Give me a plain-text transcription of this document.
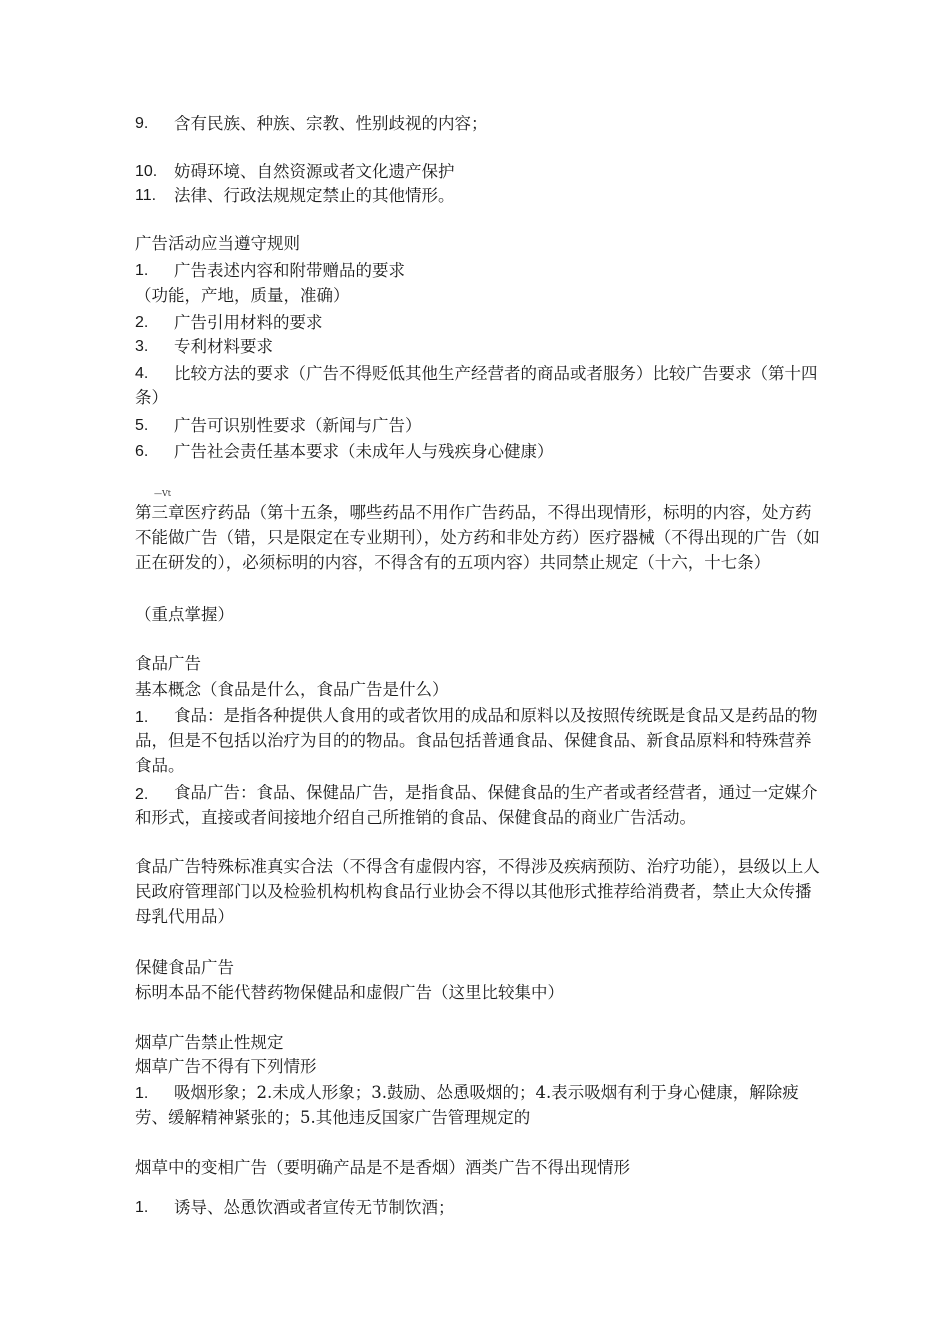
9. 含有民族、种族、宗教、性别歧视的内容；
10. 妨碍环境、自然资源或者文化遗产保护
11. 法律、行政法规规定禁止的其他情形。
广告活动应当遵守规则
1. 广告表述内容和附带赠品的要求
（功能，产地，质量，准确）
2. 广告引用材料的要求
3. 专利材料要求
4.	比较方法的要求（广告不得贬低其他生产经营者的商品或者服务）比较广告要求（第十四条）
5. 广告可识别性要求（新闻与广告）
6. 广告社会责任基本要求（未成年人与残疾身心健康）
—Vt
第三章医疗药品（第十五条，哪些药品不用作广告药品，不得出现情形，标明的内容，处方药不能做广告（错，只是限定在专业期刊），处方药和非处方药）医疗器械（不得出现的广告（如正在研发的），必须标明的内容，不得含有的五项内容）共同禁止规定（十六，十七条）
（重点掌握）
食品广告
基本概念（食品是什么，食品广告是什么）
1.	食品：是指各种提供人食用的或者饮用的成品和原料以及按照传统既是食品又是药品的物品，但是不包括以治疗为目的的物品。食品包括普通食品、保健食品、新食品原料和特殊营养食品。
2.	食品广告：食品、保健品广告，是指食品、保健食品的生产者或者经营者，通过一定媒介和形式，直接或者间接地介绍自己所推销的食品、保健食品的商业广告活动。
食品广告特殊标准真实合法（不得含有虚假内容，不得涉及疾病预防、治疗功能），县级以上人民政府管理部门以及检验机构机构食品行业协会不得以其他形式推荐给消费者，禁止大众传播母乳代用品）
保健食品广告
标明本品不能代替药物保健品和虚假广告（这里比较集中）
烟草广告禁止性规定
烟草广告不得有下列情形
1.	吸烟形象；2.未成人形象；3.鼓励、怂恿吸烟的；4.表示吸烟有利于身心健康，解除疲劳、缓解精神紧张的；5.其他违反国家广告管理规定的
烟草中的变相广告（要明确产品是不是香烟）酒类广告不得出现情形
1. 诱导、怂恿饮酒或者宣传无节制饮酒；
